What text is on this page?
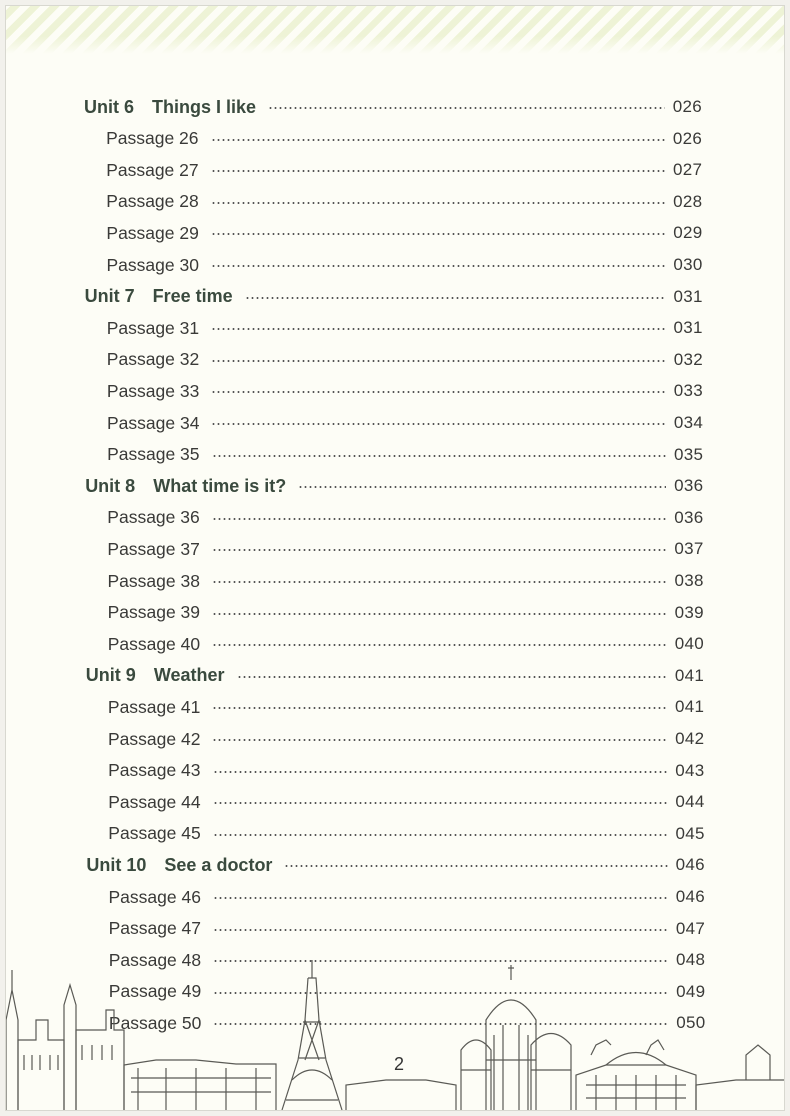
Unit 6 Things I like	026
Passage 26	026
Passage 27	027
Passage 28	028
Passage 29	029
Passage 30	030
Unit 7 Free time	031
Passage 31	031
Passage 32	032
Passage 33	033
Passage 34	034
Passage 35	035
Unit 8 What time is it?	036
Passage 36	036
Passage 37	037
Passage 38	038
Passage 39	039
Passage 40	040
Unit 9 Weather	041
Passage 41	041
Passage 42	042
Passage 43	043
Passage 44	044
Passage 45	045
Unit 10 See a doctor	046
Passage 46	046
Passage 47	047
Passage 48	048
Passage 49	049
Passage 50	050
2
